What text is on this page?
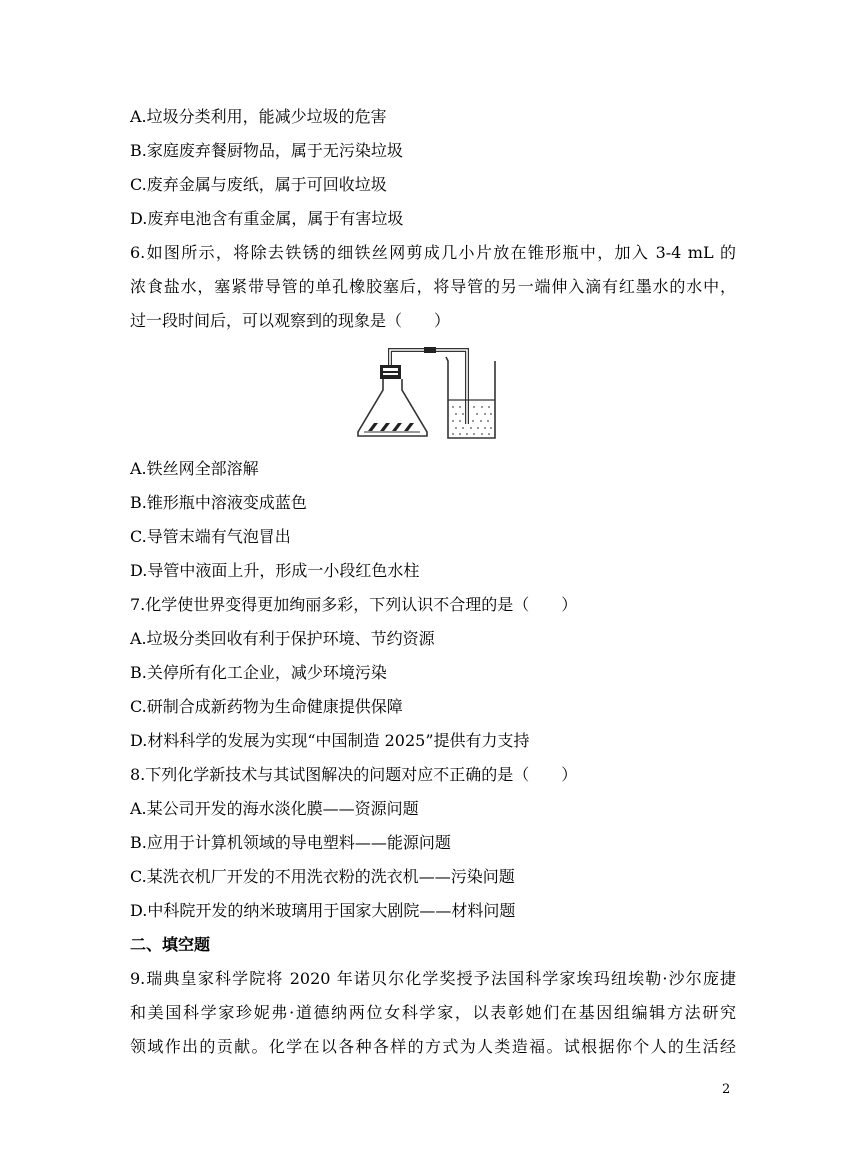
A.垃圾分类利用，能减少垃圾的危害
B.家庭废弃餐厨物品，属于无污染垃圾
C.废弃金属与废纸，属于可回收垃圾
D.废弃电池含有重金属，属于有害垃圾
6.如图所示，将除去铁锈的细铁丝网剪成几小片放在锥形瓶中，加入 3-4 mL 的
浓食盐水，塞紧带导管的单孔橡胶塞后，将导管的另一端伸入滴有红墨水的水中，
过一段时间后，可以观察到的现象是（　　）
A.铁丝网全部溶解
B.锥形瓶中溶液变成蓝色
C.导管末端有气泡冒出
D.导管中液面上升，形成一小段红色水柱
7.化学使世界变得更加绚丽多彩，下列认识不合理的是（　　）
A.垃圾分类回收有利于保护环境、节约资源
B.关停所有化工企业，减少环境污染
C.研制合成新药物为生命健康提供保障
D.材料科学的发展为实现“中国制造 2025”提供有力支持
8.下列化学新技术与其试图解决的问题对应不正确的是（　　）
A.某公司开发的海水淡化膜——资源问题
B.应用于计算机领域的导电塑料——能源问题
C.某洗衣机厂开发的不用洗衣粉的洗衣机——污染问题
D.中科院开发的纳米玻璃用于国家大剧院——材料问题
二、填空题
9.瑞典皇家科学院将 2020 年诺贝尔化学奖授予法国科学家埃玛纽埃勒·沙尔庞捷
和美国科学家珍妮弗·道德纳两位女科学家，以表彰她们在基因组编辑方法研究
领域作出的贡献。化学在以各种各样的方式为人类造福。试根据你个人的生活经
2
